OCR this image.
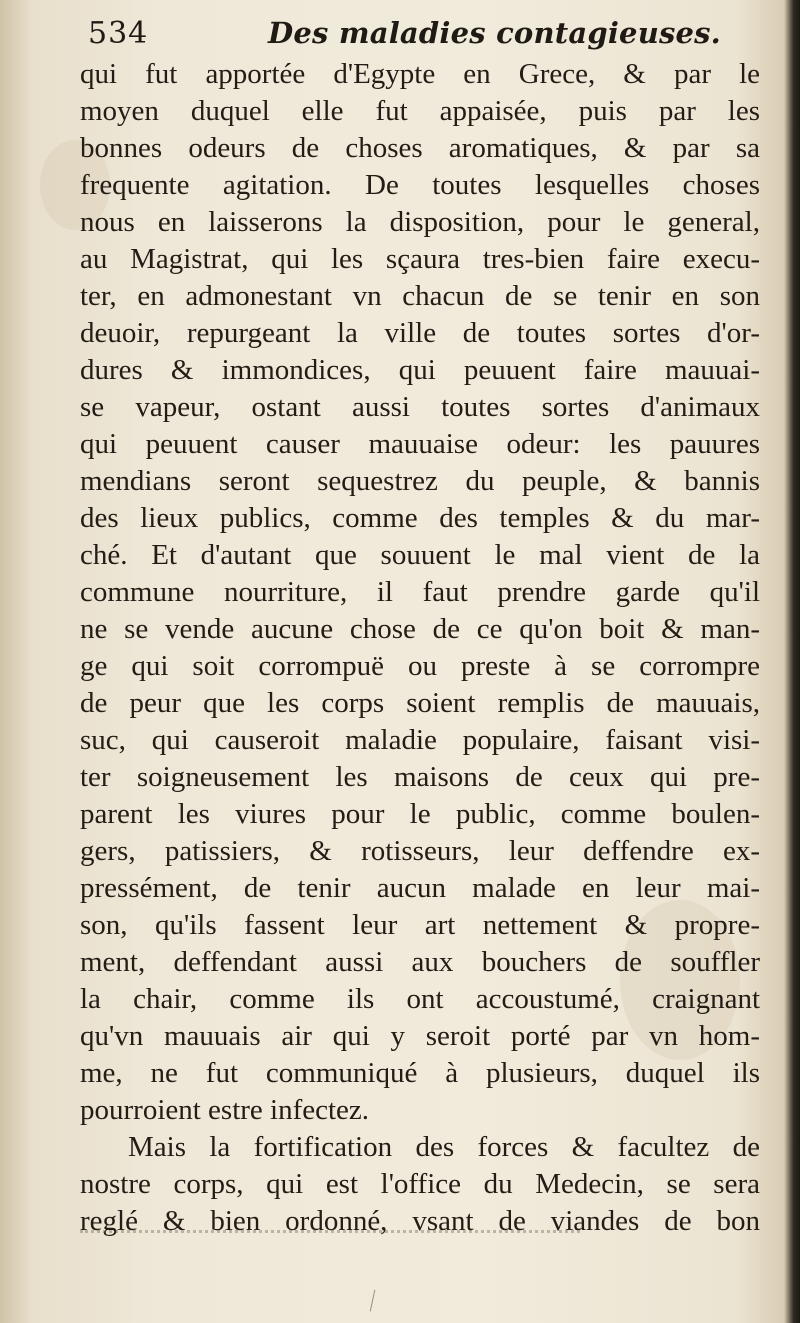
534	Des maladies contagieuses.
qui fut apportée d'Egypte en Grece, & par le
moyen duquel elle fut appaisée, puis par les
bonnes odeurs de choses aromatiques, & par sa
frequente agitation. De toutes lesquelles choses
nous en laisserons la disposition, pour le general,
au Magistrat, qui les sçaura tres-bien faire execu-
ter, en admonestant vn chacun de se tenir en son
deuoir, repurgeant la ville de toutes sortes d'or-
dures & immondices, qui peuuent faire mauuai-
se vapeur, ostant aussi toutes sortes d'animaux
qui peuuent causer mauuaise odeur: les pauures
mendians seront sequestrez du peuple, & bannis
des lieux publics, comme des temples & du mar-
ché. Et d'autant que souuent le mal vient de la
commune nourriture, il faut prendre garde qu'il
ne se vende aucune chose de ce qu'on boit & man-
ge qui soit corrompuë ou preste à se corrompre
de peur que les corps soient remplis de mauuais,
suc, qui causeroit maladie populaire, faisant visi-
ter soigneusement les maisons de ceux qui pre-
parent les viures pour le public, comme boulen-
gers, patissiers, & rotisseurs, leur deffendre ex-
pressément, de tenir aucun malade en leur mai-
son, qu'ils fassent leur art nettement & propre-
ment, deffendant aussi aux bouchers de souffler
la chair, comme ils ont accoustumé, craignant
qu'vn mauuais air qui y seroit porté par vn hom-
me, ne fut communiqué à plusieurs, duquel ils
pourroient estre infectez.
Mais la fortification des forces & facultez de
nostre corps, qui est l'office du Medecin, se sera
reglé & bien ordonné, vsant de viandes de bon
